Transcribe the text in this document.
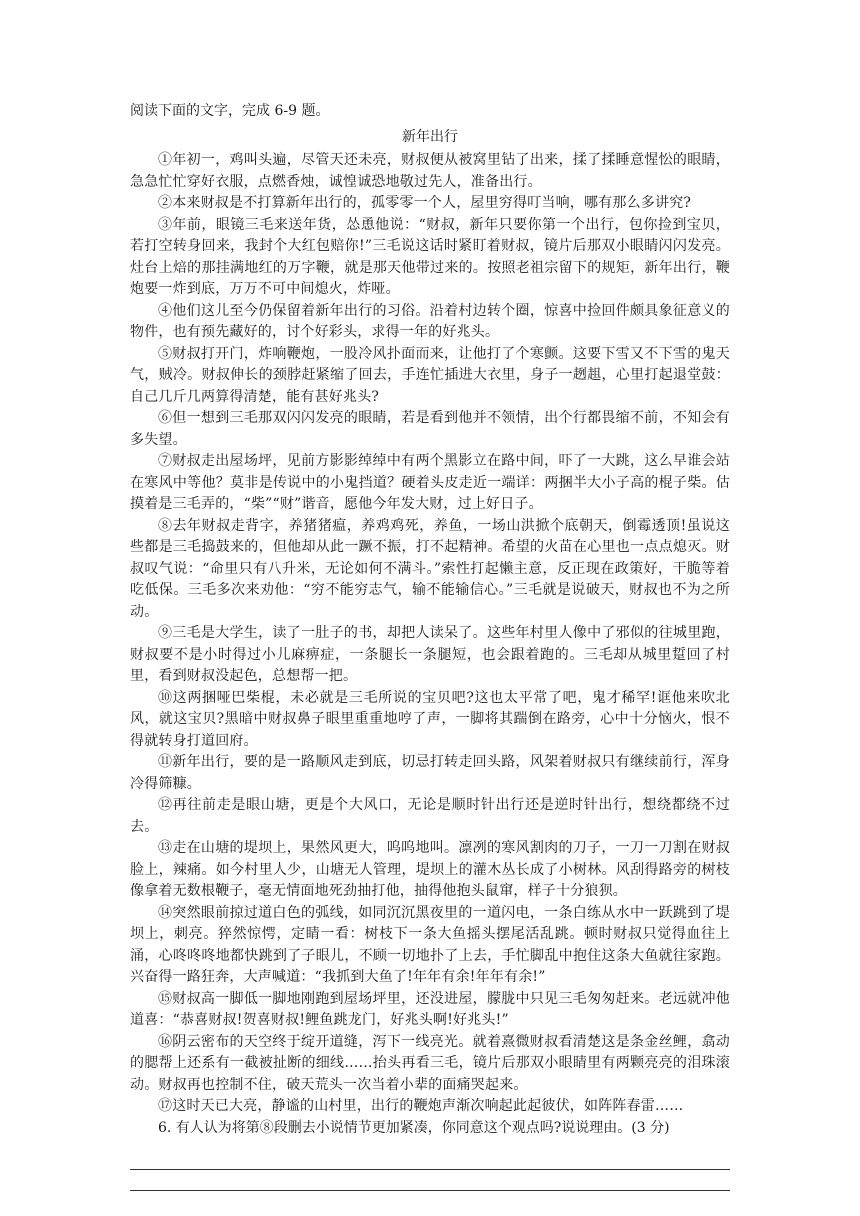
阅读下面的文字，完成 6-9 题。

新年出行

①年初一，鸡叫头遍，尽管天还未亮，财叔便从被窝里钻了出来，揉了揉睡意惺忪的眼睛，急急忙忙穿好衣服，点燃香烛，诚惶诚恐地敬过先人，准备出行。

②本来财叔是不打算新年出行的，孤零零一个人，屋里穷得叮当响，哪有那么多讲究?

③年前，眼镜三毛来送年货，怂恿他说：“财叔，新年只要你第一个出行，包你捡到宝贝，若打空转身回来，我封个大红包赔你!”三毛说这话时紧盯着财叔，镜片后那双小眼睛闪闪发亮。灶台上焙的那挂满地红的万字鞭，就是那天他带过来的。按照老祖宗留下的规矩，新年出行，鞭炮要一炸到底，万万不可中间熄火，炸哑。

④他们这儿至今仍保留着新年出行的习俗。沿着村边转个圈，惊喜中捡回件颇具象征意义的物件，也有预先藏好的，讨个好彩头，求得一年的好兆头。

⑤财叔打开门，炸响鞭炮，一股冷风扑面而来，让他打了个寒颤。这要下雪又不下雪的鬼天气，贼冷。财叔伸长的颈脖赶紧缩了回去，手连忙插进大衣里，身子一趔趄，心里打起退堂鼓：自己几斤几两算得清楚，能有甚好兆头?

⑥但一想到三毛那双闪闪发亮的眼睛，若是看到他并不领情，出个行都畏缩不前，不知会有多失望。

⑦财叔走出屋场坪，见前方影影绰绰中有两个黑影立在路中间，吓了一大跳，这么早谁会站在寒风中等他？莫非是传说中的小鬼挡道？硬着头皮走近一端详：两捆半大小子高的棍子柴。估摸着是三毛弄的，“柴”“财”谐音，愿他今年发大财，过上好日子。

⑧去年财叔走背字，养猪猪瘟，养鸡鸡死，养鱼，一场山洪掀个底朝天，倒霉透顶!虽说这些都是三毛捣鼓来的，但他却从此一蹶不振，打不起精神。希望的火苗在心里也一点点熄灭。财叔叹气说：“命里只有八升米，无论如何不满斗。”索性打起懒主意，反正现在政策好，干脆等着吃低保。三毛多次来劝他：“穷不能穷志气，输不能输信心。”三毛就是说破天，财叔也不为之所动。

⑨三毛是大学生，读了一肚子的书，却把人读呆了。这些年村里人像中了邪似的往城里跑，财叔要不是小时得过小儿麻痹症，一条腿长一条腿短，也会跟着跑的。三毛却从城里踅回了村里，看到财叔没起色，总想帮一把。

⑩这两捆哑巴柴棍，未必就是三毛所说的宝贝吧?这也太平常了吧，鬼才稀罕!诓他来吹北风，就这宝贝?黑暗中财叔鼻子眼里重重地哼了声，一脚将其踹倒在路旁，心中十分恼火，恨不得就转身打道回府。

⑪新年出行，要的是一路顺风走到底，切忌打转走回头路，风架着财叔只有继续前行，浑身冷得筛糠。

⑫再往前走是眼山塘，更是个大风口，无论是顺时针出行还是逆时针出行，想绕都绕不过去。

⑬走在山塘的堤坝上，果然风更大，呜呜地叫。凛冽的寒风割肉的刀子，一刀一刀割在财叔脸上，辣痛。如今村里人少，山塘无人管理，堤坝上的灌木丛长成了小树林。风刮得路旁的树枝像拿着无数根鞭子，毫无情面地死劲抽打他，抽得他抱头鼠窜，样子十分狼狈。

⑭突然眼前掠过道白色的弧线，如同沉沉黑夜里的一道闪电，一条白练从水中一跃跳到了堤坝上，刺亮。猝然惊愕，定睛一看：树枝下一条大鱼摇头摆尾活乱跳。顿时财叔只觉得血往上涌，心咚咚咚地都快跳到了子眼儿，不顾一切地扑了上去，手忙脚乱中抱住这条大鱼就往家跑。兴奋得一路狂奔，大声喊道：“我抓到大鱼了!年年有余!年年有余!”

⑮财叔高一脚低一脚地刚跑到屋场坪里，还没进屋，朦胧中只见三毛匆匆赶来。老远就冲他道喜：“恭喜财叔!贺喜财叔!鲤鱼跳龙门，好兆头啊!好兆头!”

⑯阴云密布的天空终于绽开道缝，泻下一线亮光。就着熹微财叔看清楚这是条金丝鲤，翕动的腮帮上还系有一截被扯断的细线……抬头再看三毛，镜片后那双小眼睛里有两颗亮亮的泪珠滚动。财叔再也控制不住，破天荒头一次当着小辈的面痛哭起来。

⑰这时天已大亮，静谧的山村里，出行的鞭炮声渐次响起此起彼伏，如阵阵春雷……

6. 有人认为将第⑧段删去小说情节更加紧凑，你同意这个观点吗?说说理由。(3 分)
